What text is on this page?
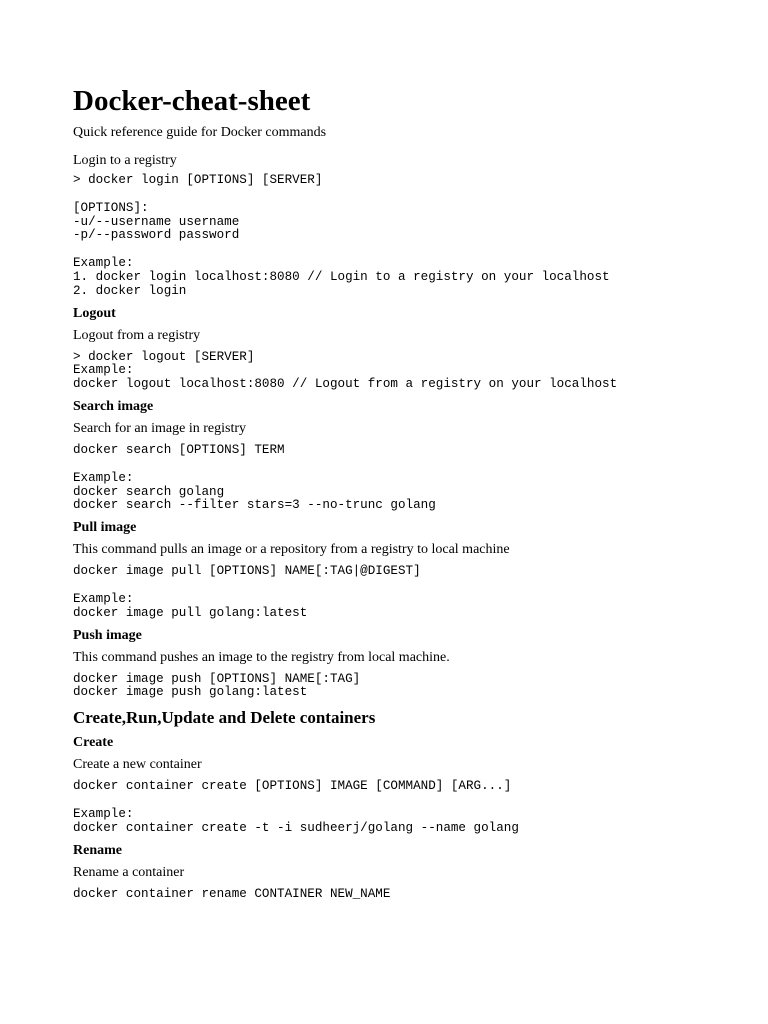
Docker-cheat-sheet

Quick reference guide for Docker commands

Login to a registry

> docker login [OPTIONS] [SERVER]
[OPTIONS]:
-u/--username username
-p/--password password
Example:
1. docker login localhost:8080 // Login to a registry on your localhost
2. docker login
Logout

Logout from a registry

> docker logout [SERVER]
Example:
docker logout localhost:8080 // Logout from a registry on your localhost
Search image

Search for an image in registry

docker search [OPTIONS] TERM
Example:
docker search golang
docker search --filter stars=3 --no-trunc golang
Pull image

This command pulls an image or a repository from a registry to local machine

docker image pull [OPTIONS] NAME[:TAG|@DIGEST]
Example:
docker image pull golang:latest
Push image

This command pushes an image to the registry from local machine.

docker image push [OPTIONS] NAME[:TAG]
docker image push golang:latest
Create,Run,Update and Delete containers
Create

Create a new container

docker container create [OPTIONS] IMAGE [COMMAND] [ARG...]
Example:
docker container create -t -i sudheerj/golang --name golang
Rename

Rename a container

docker container rename CONTAINER NEW_NAME
